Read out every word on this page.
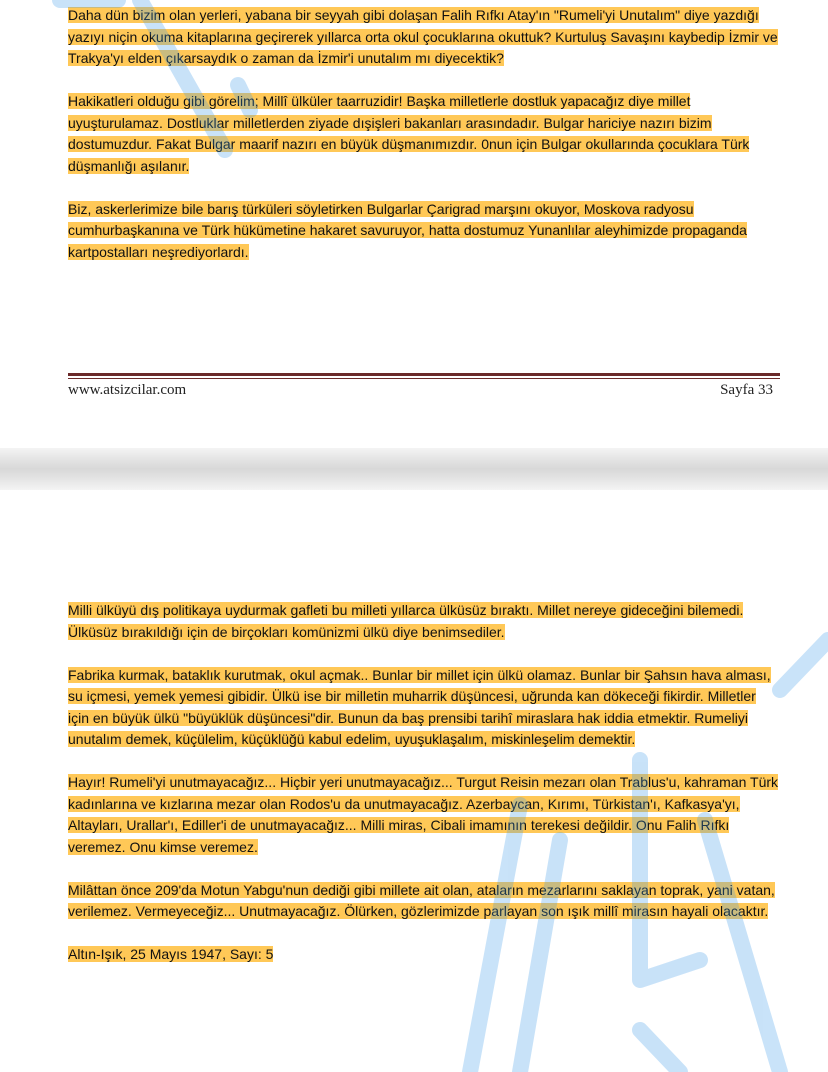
Daha dün bizim olan yerleri, yabana bir seyyah gibi dolaşan Falih Rıfkı Atay'ın "Rumeli'yi Unutalım" diye yazdığı yazıyı niçin okuma kitaplarına geçirerek yıllarca orta okul çocuklarına okuttuk? Kurtuluş Savaşını kaybedip İzmir ve Trakya'yı elden çıkarsaydık o zaman da İzmir'i unutalım mı diyecektik?

Hakikatleri olduğu gibi görelim; Millî ülküler taarruzidir! Başka milletlerle dostluk yapacağız diye millet uyuşturulamaz. Dostluklar milletlerden ziyade dışişleri bakanları arasındadır. Bulgar hariciye nazırı bizim dostumuzdur. Fakat Bulgar maarif nazırı en büyük düşmanımızdır. 0nun için Bulgar okullarında çocuklara Türk düşmanlığı aşılanır.

Biz, askerlerimize bile barış türküleri söyletirken Bulgarlar Çarigrad marşını okuyor, Moskova radyosu cumhurbaşkanına ve Türk hükümetine hakaret savuruyor, hatta dostumuz Yunanlılar aleyhimizde propaganda kartpostalları neşrediyorlardı.

www.atsizcilar.com	Sayfa 33

Milli ülküyü dış politikaya uydurmak gafleti bu milleti yıllarca ülküsüz bıraktı. Millet nereye gideceğini bilemedi. Ülküsüz bırakıldığı için de birçokları komünizmi ülkü diye benimsediler.

Fabrika kurmak, bataklık kurutmak, okul açmak.. Bunlar bir millet için ülkü olamaz. Bunlar bir Şahsın hava alması, su içmesi, yemek yemesi gibidir. Ülkü ise bir milletin muharrik düşüncesi, uğrunda kan dökeceği fikirdir. Milletler için en büyük ülkü "büyüklük düşüncesi"dir. Bunun da baş prensibi tarihî miraslara hak iddia etmektir. Rumeliyi unutalım demek, küçülelim, küçüklüğü kabul edelim, uyuşuklaşalım, miskinleşelim demektir.

Hayır! Rumeli'yi unutmayacağız... Hiçbir yeri unutmayacağız... Turgut Reisin mezarı olan Trablus'u, kahraman Türk kadınlarına ve kızlarına mezar olan Rodos'u da unutmayacağız. Azerbaycan, Kırımı, Türkistan'ı, Kafkasya'yı, Altayları, Urallar'ı, Ediller'i de unutmayacağız... Milli miras, Cibali imamının terekesi değildir. Onu Falih Rıfkı veremez. Onu kimse veremez.

Milâttan önce 209'da Motun Yabgu'nun dediği gibi millete ait olan, ataların mezarlarını saklayan toprak, yani vatan, verilemez. Vermeyeceğiz... Unutmayacağız. Ölürken, gözlerimizde parlayan son ışık millî mirasın hayali olacaktır.

Altın-Işık, 25 Mayıs 1947, Sayı: 5
